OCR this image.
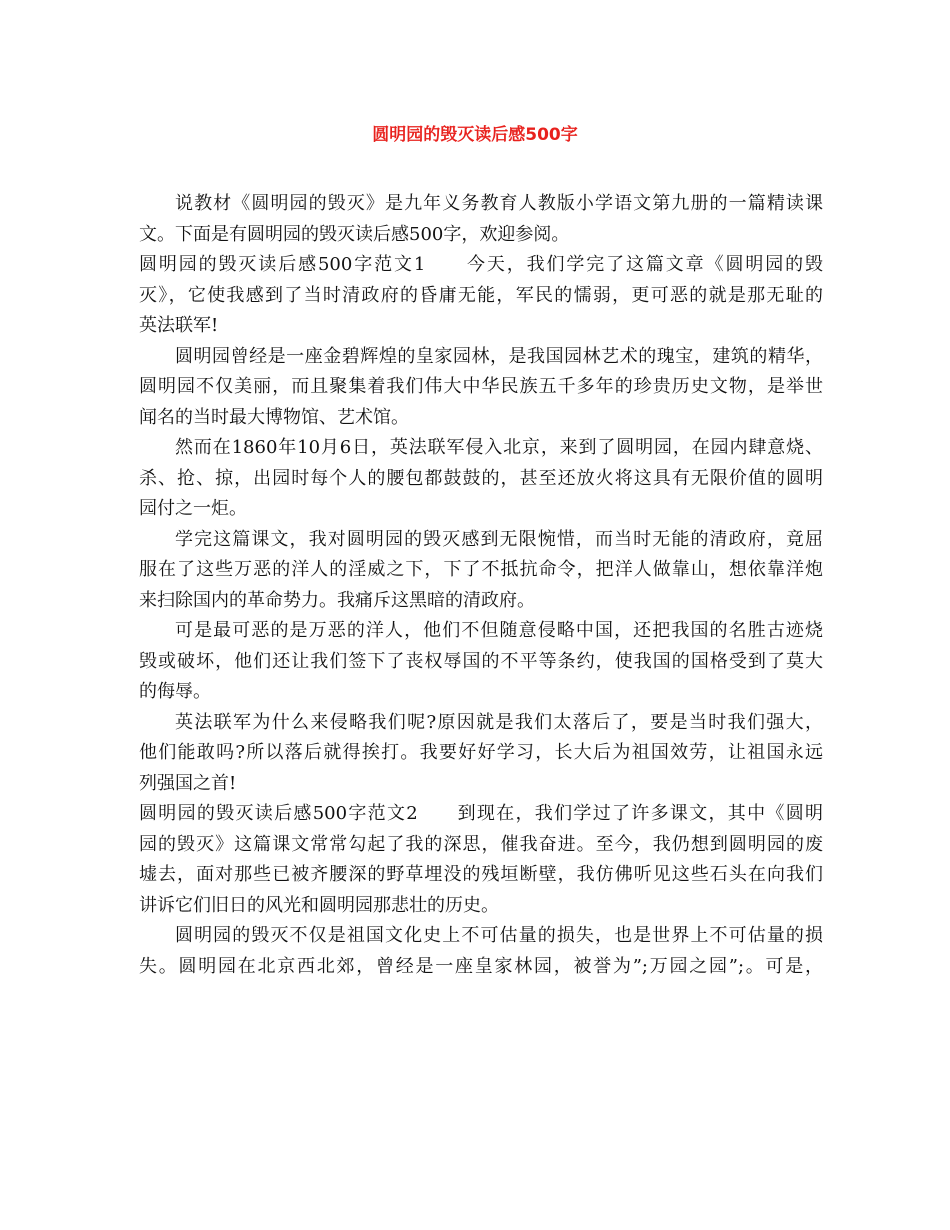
圆明园的毁灭读后感500字
说教材《圆明园的毁灭》是九年义务教育人教版小学语文第九册的一篇精读课
文。下面是有圆明园的毁灭读后感500字，欢迎参阅。
圆明园的毁灭读后感500字范文1　　今天，我们学完了这篇文章《圆明园的毁
灭》，它使我感到了当时清政府的昏庸无能，军民的懦弱，更可恶的就是那无耻的
英法联军!
圆明园曾经是一座金碧辉煌的皇家园林，是我国园林艺术的瑰宝，建筑的精华，
圆明园不仅美丽，而且聚集着我们伟大中华民族五千多年的珍贵历史文物，是举世
闻名的当时最大博物馆、艺术馆。
然而在1860年10月6日，英法联军侵入北京，来到了圆明园，在园内肆意烧、
杀、抢、掠，出园时每个人的腰包都鼓鼓的，甚至还放火将这具有无限价值的圆明
园付之一炬。
学完这篇课文，我对圆明园的毁灭感到无限惋惜，而当时无能的清政府，竟屈
服在了这些万恶的洋人的淫威之下，下了不抵抗命令，把洋人做靠山，想依靠洋炮
来扫除国内的革命势力。我痛斥这黑暗的清政府。
可是最可恶的是万恶的洋人，他们不但随意侵略中国，还把我国的名胜古迹烧
毁或破坏，他们还让我们签下了丧权辱国的不平等条约，使我国的国格受到了莫大
的侮辱。
英法联军为什么来侵略我们呢?原因就是我们太落后了，要是当时我们强大，
他们能敢吗?所以落后就得挨打。我要好好学习，长大后为祖国效劳，让祖国永远
列强国之首!
圆明园的毁灭读后感500字范文2　　到现在，我们学过了许多课文，其中《圆明
园的毁灭》这篇课文常常勾起了我的深思，催我奋进。至今，我仍想到圆明园的废
墟去，面对那些已被齐腰深的野草埋没的残垣断壁，我仿佛听见这些石头在向我们
讲诉它们旧日的风光和圆明园那悲壮的历史。
圆明园的毁灭不仅是祖国文化史上不可估量的损失，也是世界上不可估量的损
失。圆明园在北京西北郊，曾经是一座皇家林园，被誉为”;万园之园”;。可是，
